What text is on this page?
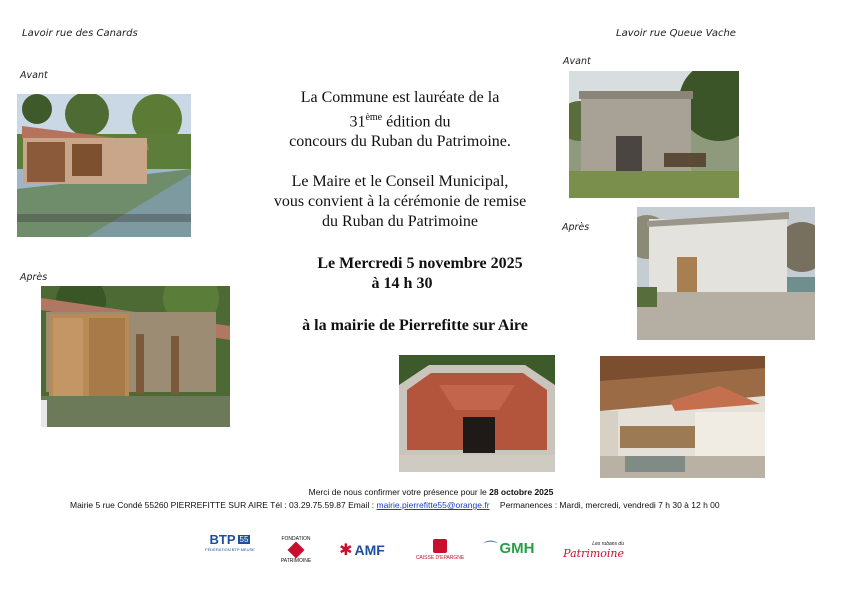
Lavoir rue des Canards	Lavoir rue Queue Vache
Avant
Après
Avant
Après
La Commune est lauréate de la
31ème édition du
concours du Ruban du Patrimoine.
Le Maire et le Conseil Municipal,
vous convient à la cérémonie de remise
du Ruban du Patrimoine
Le Mercredi 5 novembre 2025
à 14 h 30
à la mairie de Pierrefitte sur Aire
Merci de nous confirmer votre présence pour le 28 octobre 2025
Mairie 5 rue Condé 55260 PIERREFITTE SUR AIRE Tél : 03.29.75.59.87 Email : mairie.pierrefitte55@orange.fr Permanences : Mardi, mercredi, vendredi 7 h 30 à 12 h 00
BTP 55
FÉDÉRATION BTP MEUSE
FONDATION
PATRIMOINE
✱ AMF	CAISSE D'EPARGNE
⌒ GMH	Les rubans du
Patrimoine
